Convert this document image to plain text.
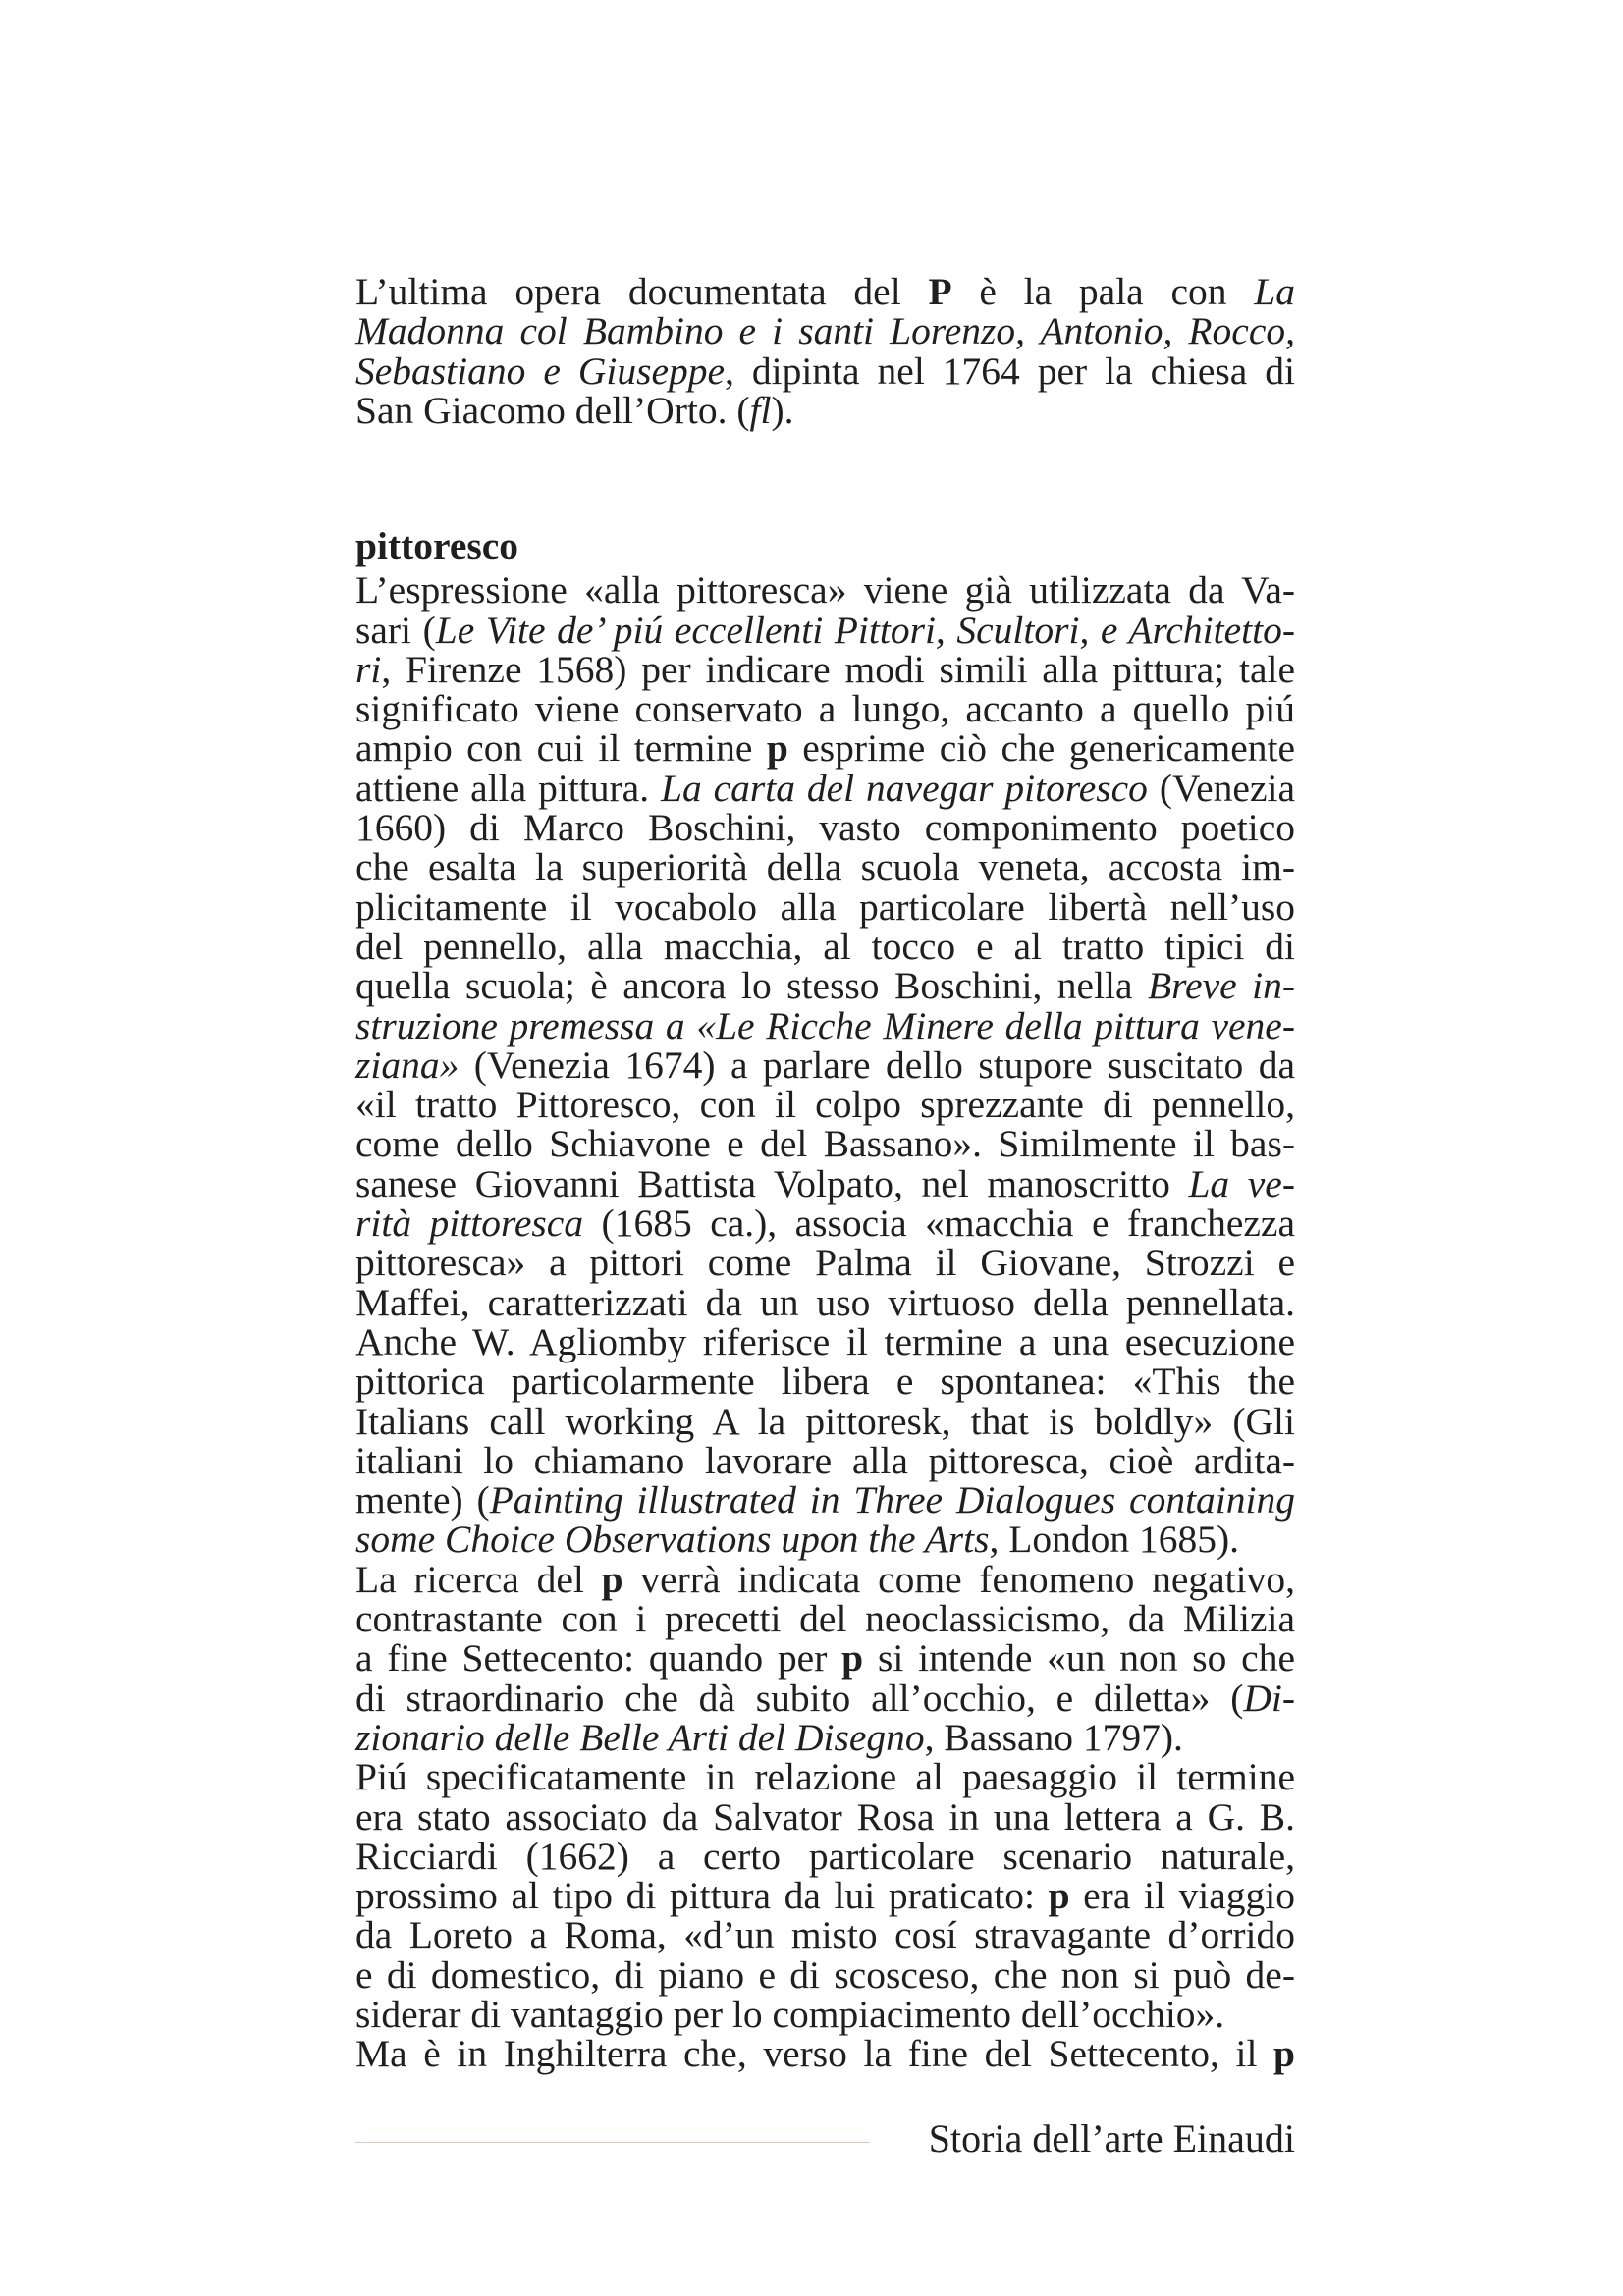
L’ultima opera documentata del P è la pala con La
Madonna col Bambino e i santi Lorenzo, Antonio, Rocco,
Sebastiano e Giuseppe, dipinta nel 1764 per la chiesa di
San Giacomo dell’Orto. (fl).
pittoresco
L’espressione «alla pittoresca» viene già utilizzata da Va-
sari (Le Vite de’ piú eccellenti Pittori, Scultori, e Architetto-
ri, Firenze 1568) per indicare modi simili alla pittura; tale
significato viene conservato a lungo, accanto a quello piú
ampio con cui il termine p esprime ciò che genericamente
attiene alla pittura. La carta del navegar pitoresco (Venezia
1660) di Marco Boschini, vasto componimento poetico
che esalta la superiorità della scuola veneta, accosta im-
plicitamente il vocabolo alla particolare libertà nell’uso
del pennello, alla macchia, al tocco e al tratto tipici di
quella scuola; è ancora lo stesso Boschini, nella Breve in-
struzione premessa a «Le Ricche Minere della pittura vene-
ziana» (Venezia 1674) a parlare dello stupore suscitato da
«il tratto Pittoresco, con il colpo sprezzante di pennello,
come dello Schiavone e del Bassano». Similmente il bas-
sanese Giovanni Battista Volpato, nel manoscritto La ve-
rità pittoresca (1685 ca.), associa «macchia e franchezza
pittoresca» a pittori come Palma il Giovane, Strozzi e
Maffei, caratterizzati da un uso virtuoso della pennellata.
Anche W. Agliomby riferisce il termine a una esecuzione
pittorica particolarmente libera e spontanea: «This the
Italians call working A la pittoresk, that is boldly» (Gli
italiani lo chiamano lavorare alla pittoresca, cioè ardita-
mente) (Painting illustrated in Three Dialogues containing
some Choice Observations upon the Arts, London 1685).
La ricerca del p verrà indicata come fenomeno negativo,
contrastante con i precetti del neoclassicismo, da Milizia
a fine Settecento: quando per p si intende «un non so che
di straordinario che dà subito all’occhio, e diletta» (Di-
zionario delle Belle Arti del Disegno, Bassano 1797).
Piú specificatamente in relazione al paesaggio il termine
era stato associato da Salvator Rosa in una lettera a G. B.
Ricciardi (1662) a certo particolare scenario naturale,
prossimo al tipo di pittura da lui praticato: p era il viaggio
da Loreto a Roma, «d’un misto cosí stravagante d’orrido
e di domestico, di piano e di scosceso, che non si può de-
siderar di vantaggio per lo compiacimento dell’occhio».
Ma è in Inghilterra che, verso la fine del Settecento, il p
Storia dell’arte Einaudi
